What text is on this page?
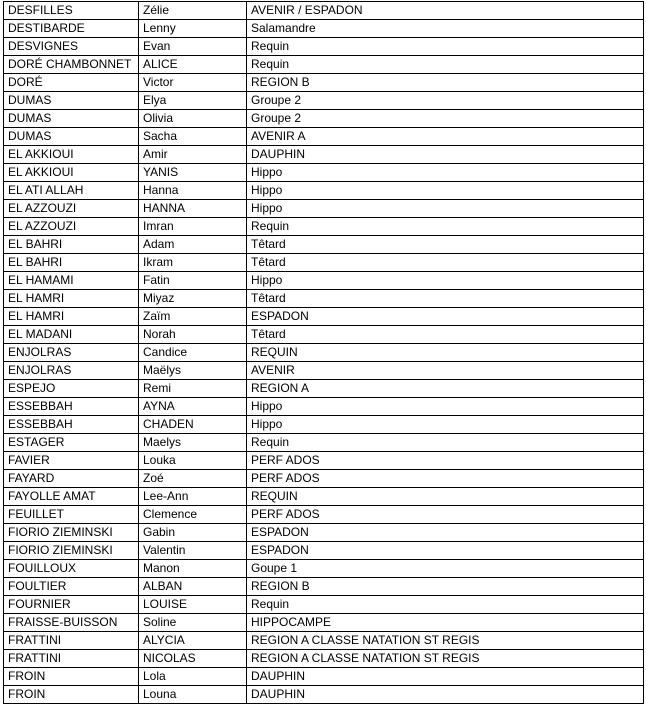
DESFILLES	Zélie	AVENIR / ESPADON
DESTIBARDE	Lenny	Salamandre
DESVIGNES	Evan	Requin
DORÉ CHAMBONNET	ALICE	Requin
DORÉ	Victor	REGION B
DUMAS	Elya	Groupe 2
DUMAS	Olivia	Groupe 2
DUMAS	Sacha	AVENIR A
EL AKKIOUI	Amir	DAUPHIN
EL AKKIOUI	YANIS	Hippo
EL ATI ALLAH	Hanna	Hippo
EL AZZOUZI	HANNA	Hippo
EL AZZOUZI	Imran	Requin
EL BAHRI	Adam	Têtard
EL BAHRI	Ikram	Têtard
EL HAMAMI	Fatin	Hippo
EL HAMRI	Miyaz	Têtard
EL HAMRI	Zaïm	ESPADON
EL MADANI	Norah	Têtard
ENJOLRAS	Candice	REQUIN
ENJOLRAS	Maëlys	AVENIR
ESPEJO	Remi	REGION A
ESSEBBAH	AYNA	Hippo
ESSEBBAH	CHADEN	Hippo
ESTAGER	Maelys	Requin
FAVIER	Louka	PERF ADOS
FAYARD	Zoé	PERF ADOS
FAYOLLE AMAT	Lee-Ann	REQUIN
FEUILLET	Clemence	PERF ADOS
FIORIO ZIEMINSKI	Gabin	ESPADON
FIORIO ZIEMINSKI	Valentin	ESPADON
FOUILLOUX	Manon	Goupe 1
FOULTIER	ALBAN	REGION B
FOURNIER	LOUISE	Requin
FRAISSE-BUISSON	Soline	HIPPOCAMPE
FRATTINI	ALYCIA	REGION A CLASSE NATATION ST REGIS
FRATTINI	NICOLAS	REGION A CLASSE NATATION ST REGIS
FROIN	Lola	DAUPHIN
FROIN	Louna	DAUPHIN
